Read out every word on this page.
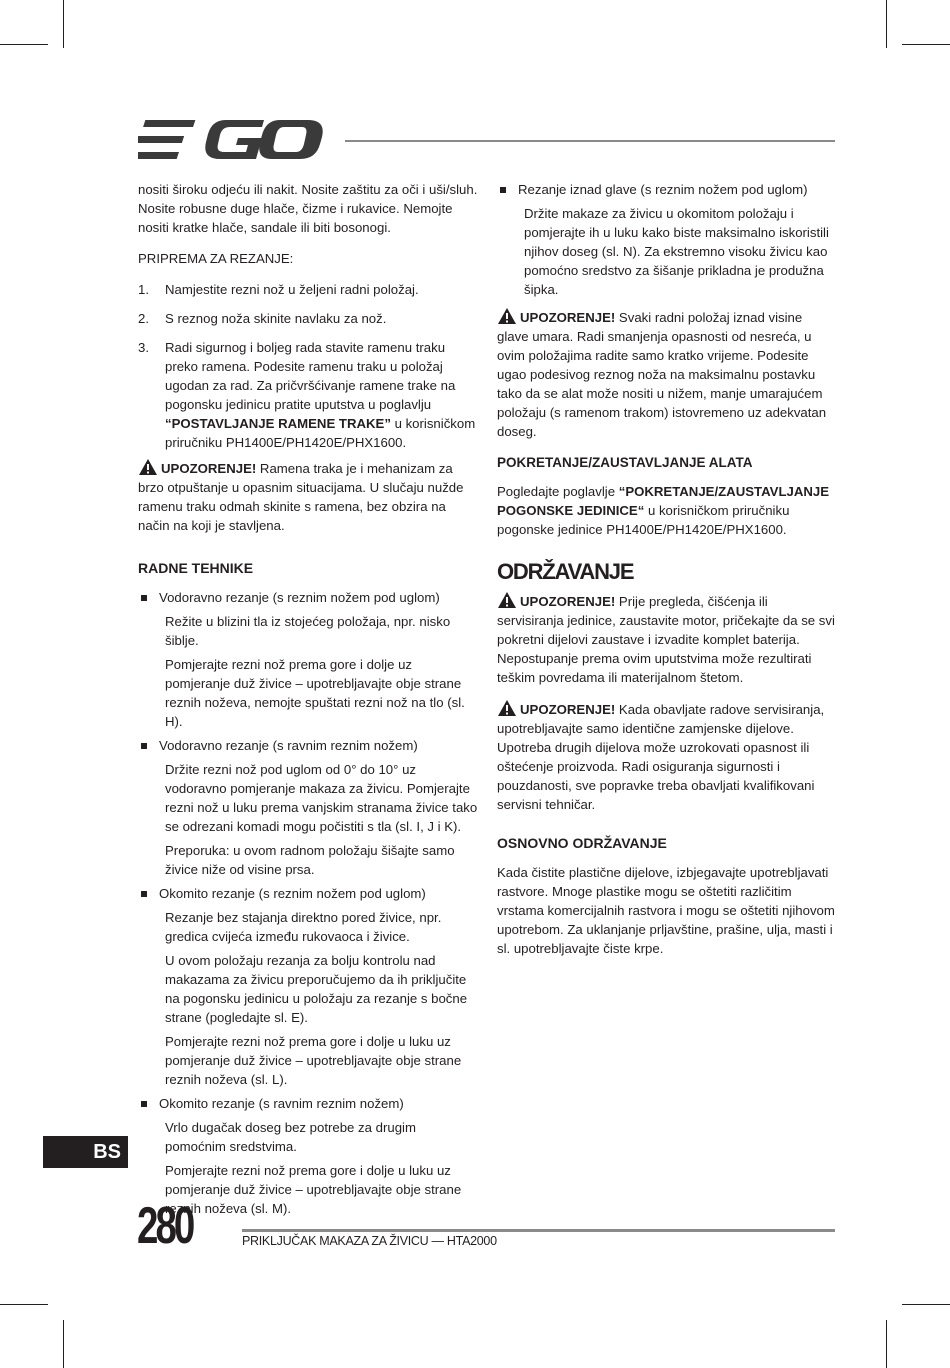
nositi široku odjeću ili nakit. Nosite zaštitu za oči i uši/sluh. Nosite robusne duge hlače, čizme i rukavice. Nemojte nositi kratke hlače, sandale ili biti bosonogi.

PRIPREMA ZA REZANJE:

1.	Namjestite rezni nož u željeni radni položaj.
2.	S reznog noža skinite navlaku za nož.
3.	Radi sigurnog i boljeg rada stavite ramenu traku preko ramena. Podesite ramenu traku u položaj ugodan za rad. Za pričvršćivanje ramene trake na pogonsku jedinicu pratite uputstva u poglavlju “POSTAVLJANJE RAMENE TRAKE” u korisničkom priručniku PH1400E/PH1420E/PHX1600.

UPOZORENJE! Ramena traka je i mehanizam za brzo otpuštanje u opasnim situacijama. U slučaju nužde ramenu traku odmah skinite s ramena, bez obzira na način na koji je stavljena.

RADNE TEHNIKE
Vodoravno rezanje (s reznim nožem pod uglom)

Režite u blizini tla iz stojećeg položaja, npr. nisko šiblje.

Pomjerajte rezni nož prema gore i dolje uz pomjeranje duž živice – upotrebljavajte obje strane reznih noževa, nemojte spuštati rezni nož na tlo (sl. H).

Vodoravno rezanje (s ravnim reznim nožem)

Držite rezni nož pod uglom od 0° do 10° uz vodoravno pomjeranje makaza za živicu. Pomjerajte rezni nož u luku prema vanjskim stranama živice tako se odrezani komadi mogu počistiti s tla (sl. I, J i K).

Preporuka: u ovom radnom položaju šišajte samo živice niže od visine prsa.

Okomito rezanje (s reznim nožem pod uglom)

Rezanje bez stajanja direktno pored živice, npr. gredica cvijeća između rukovaoca i živice.

U ovom položaju rezanja za bolju kontrolu nad makazama za živicu preporučujemo da ih priključite na pogonsku jedinicu u položaju za rezanje s bočne strane (pogledajte sl. E).

Pomjerajte rezni nož prema gore i dolje u luku uz pomjeranje duž živice – upotrebljavajte obje strane reznih noževa (sl. L).

Okomito rezanje (s ravnim reznim nožem)

Vrlo dugačak doseg bez potrebe za drugim pomoćnim sredstvima.

Pomjerajte rezni nož prema gore i dolje u luku uz pomjeranje duž živice – upotrebljavajte obje strane reznih noževa (sl. M).

Rezanje iznad glave (s reznim nožem pod uglom)

Držite makaze za živicu u okomitom položaju i pomjerajte ih u luku kako biste maksimalno iskoristili njihov doseg (sl. N). Za ekstremno visoku živicu kao pomoćno sredstvo za šišanje prikladna je produžna šipka.

UPOZORENJE! Svaki radni položaj iznad visine glave umara. Radi smanjenja opasnosti od nesreća, u ovim položajima radite samo kratko vrijeme. Podesite ugao podesivog reznog noža na maksimalnu postavku tako da se alat može nositi u nižem, manje umarajućem položaju (s ramenom trakom) istovremeno uz adekvatan doseg.

POKRETANJE/ZAUSTAVLJANJE ALATA

Pogledajte poglavlje “POKRETANJE/ZAUSTAVLJANJE POGONSKE JEDINICE“ u korisničkom priručniku pogonske jedinice PH1400E/PH1420E/PHX1600.

ODRŽAVANJE

UPOZORENJE! Prije pregleda, čišćenja ili servisiranja jedinice, zaustavite motor, pričekajte da se svi pokretni dijelovi zaustave i izvadite komplet baterija. Nepostupanje prema ovim uputstvima može rezultirati teškim povredama ili materijalnom štetom.

UPOZORENJE! Kada obavljate radove servisiranja, upotrebljavajte samo identične zamjenske dijelove. Upotreba drugih dijelova može uzrokovati opasnost ili oštećenje proizvoda. Radi osiguranja sigurnosti i pouzdanosti, sve popravke treba obavljati kvalifikovani servisni tehničar.

OSNOVNO ODRŽAVANJE

Kada čistite plastične dijelove, izbjegavajte upotrebljavati rastvore. Mnoge plastike mogu se oštetiti različitim vrstama komercijalnih rastvora i mogu se oštetiti njihovom upotrebom. Za uklanjanje prljavštine, prašine, ulja, masti i sl. upotrebljavajte čiste krpe.

BS
280	PRIKLJUČAK MAKAZA ZA ŽIVICU — HTA2000
